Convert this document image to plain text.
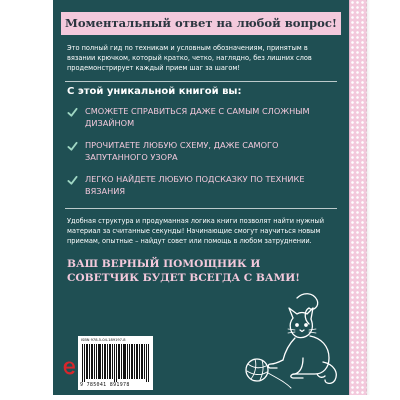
Моментальный ответ на любой вопрос!
Это полный гид по техникам и условным обозначениям, принятым в вязании крючком, который кратко, четко, наглядно, без лишних слов продемонстрирует каждый прием шаг за шагом!
С этой уникальной книгой вы:
СМОЖЕТЕ СПРАВИТЬСЯ ДАЖЕ С САМЫМ СЛОЖНЫМ ДИЗАЙНОМ
ПРОЧИТАЕТЕ ЛЮБУЮ СХЕМУ, ДАЖЕ САМОГО ЗАПУТАННОГО УЗОРА
ЛЕГКО НАЙДЕТЕ ЛЮБУЮ ПОДСКАЗКУ ПО ТЕХНИКЕ ВЯЗАНИЯ
Удобная структура и продуманная логика книги позволят найти нужный материал за считанные секунды! Начинающие смогут научиться новым приемам, опытные – найдут совет или помощь в любом затруднении.
ВАШ ВЕРНЫЙ ПОМОЩНИК И СОВЕТЧИК БУДЕТ ВСЕГДА С ВАМИ!
ISBN 978-5-04-189197-8
9 785041 891978
